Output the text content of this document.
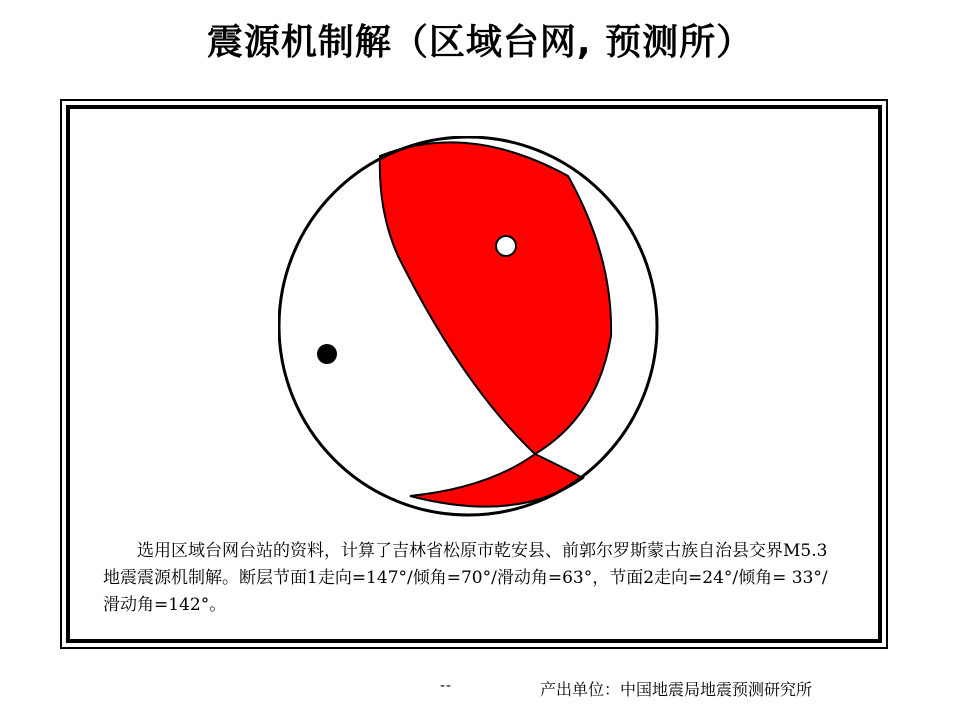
震源机制解（区域台网, 预测所）

选用区域台网台站的资料，计算了吉林省松原市乾安县、前郭尔罗斯蒙古族自治县交界M5.3地震震源机制解。断层节面1走向=147°/倾角=70°/滑动角=63°，节面2走向=24°/倾角= 33°/滑动角=142°。

--	产出单位：中国地震局地震预测研究所
